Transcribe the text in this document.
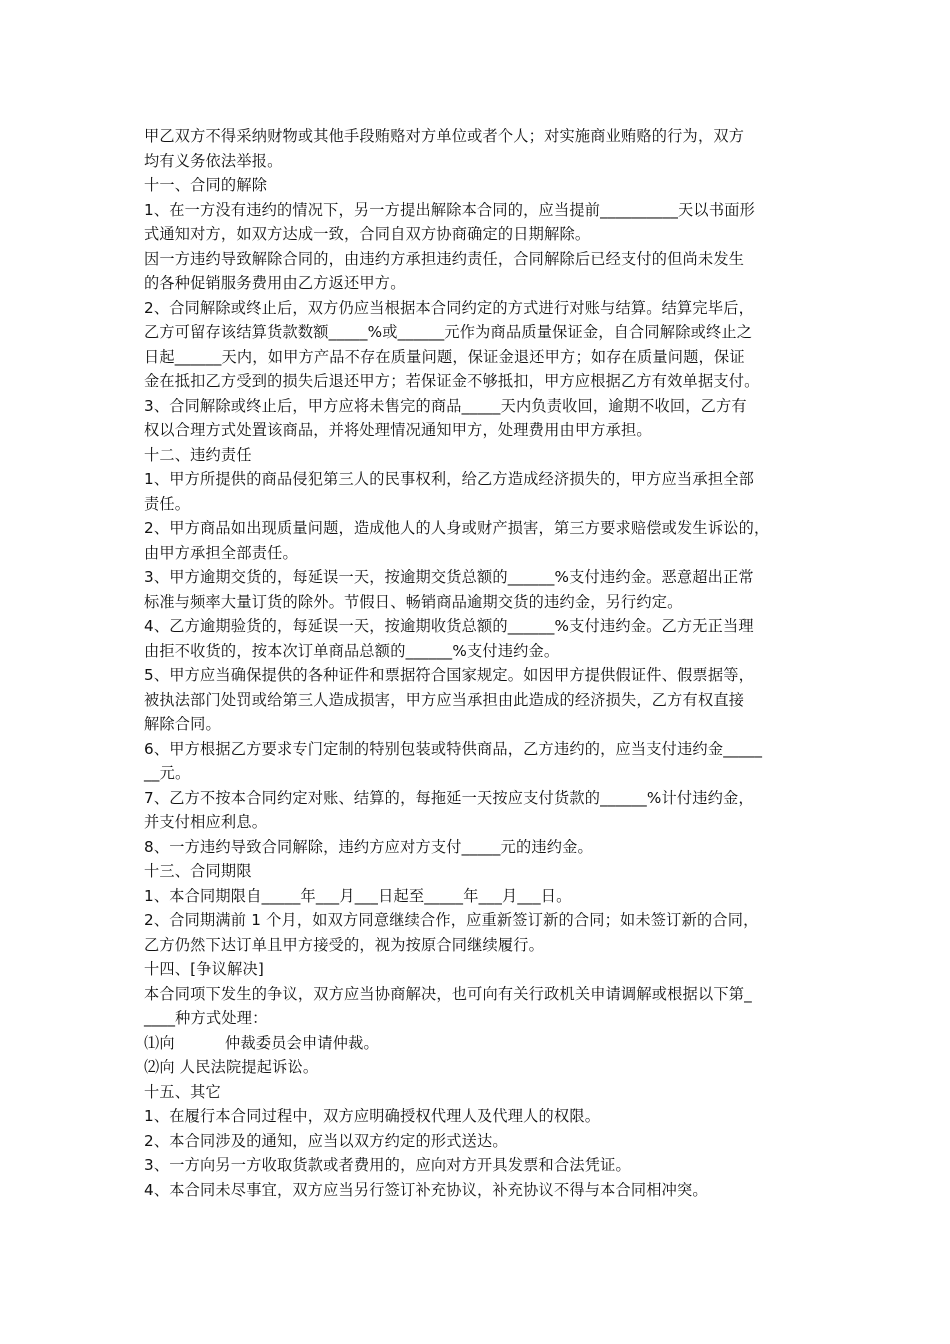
甲乙双方不得采纳财物或其他手段贿赂对方单位或者个人；对实施商业贿赂的行为，双方
均有义务依法举报。
十一、合同的解除
1、在一方没有违约的情况下，另一方提出解除本合同的，应当提前__________天以书面形
式通知对方，如双方达成一致，合同自双方协商确定的日期解除。
因一方违约导致解除合同的，由违约方承担违约责任，合同解除后已经支付的但尚未发生
的各种促销服务费用由乙方返还甲方。
2、合同解除或终止后，双方仍应当根据本合同约定的方式进行对账与结算。结算完毕后，
乙方可留存该结算货款数额_____%或______元作为商品质量保证金，自合同解除或终止之
日起______天内，如甲方产品不存在质量问题，保证金退还甲方；如存在质量问题，保证
金在抵扣乙方受到的损失后退还甲方；若保证金不够抵扣，甲方应根据乙方有效单据支付。
3、合同解除或终止后，甲方应将未售完的商品_____天内负责收回，逾期不收回，乙方有
权以合理方式处置该商品，并将处理情况通知甲方，处理费用由甲方承担。
十二、违约责任
1、甲方所提供的商品侵犯第三人的民事权利，给乙方造成经济损失的，甲方应当承担全部
责任。
2、甲方商品如出现质量问题，造成他人的人身或财产损害，第三方要求赔偿或发生诉讼的，
由甲方承担全部责任。
3、甲方逾期交货的，每延误一天，按逾期交货总额的______%支付违约金。恶意超出正常
标准与频率大量订货的除外。节假日、畅销商品逾期交货的违约金，另行约定。
4、乙方逾期验货的，每延误一天，按逾期收货总额的______%支付违约金。乙方无正当理
由拒不收货的，按本次订单商品总额的______%支付违约金。
5、甲方应当确保提供的各种证件和票据符合国家规定。如因甲方提供假证件、假票据等，
被执法部门处罚或给第三人造成损害，甲方应当承担由此造成的经济损失，乙方有权直接
解除合同。
6、甲方根据乙方要求专门定制的特别包装或特供商品，乙方违约的，应当支付违约金_____
__元。
7、乙方不按本合同约定对账、结算的，每拖延一天按应支付货款的______%计付违约金，
并支付相应利息。
8、一方违约导致合同解除，违约方应对方支付_____元的违约金。
十三、合同期限
1、本合同期限自_____年___月___日起至_____年___月___日。
2、合同期满前 1 个月，如双方同意继续合作，应重新签订新的合同；如未签订新的合同，
乙方仍然下达订单且甲方接受的，视为按原合同继续履行。
十四、[争议解决]
本合同项下发生的争议，双方应当协商解决，也可向有关行政机关申请调解或根据以下第_
____种方式处理：
⑴向          仲裁委员会申请仲裁。
⑵向 人民法院提起诉讼。
十五、其它
1、在履行本合同过程中，双方应明确授权代理人及代理人的权限。
2、本合同涉及的通知，应当以双方约定的形式送达。
3、一方向另一方收取货款或者费用的，应向对方开具发票和合法凭证。
4、本合同未尽事宜，双方应当另行签订补充协议，补充协议不得与本合同相冲突。
